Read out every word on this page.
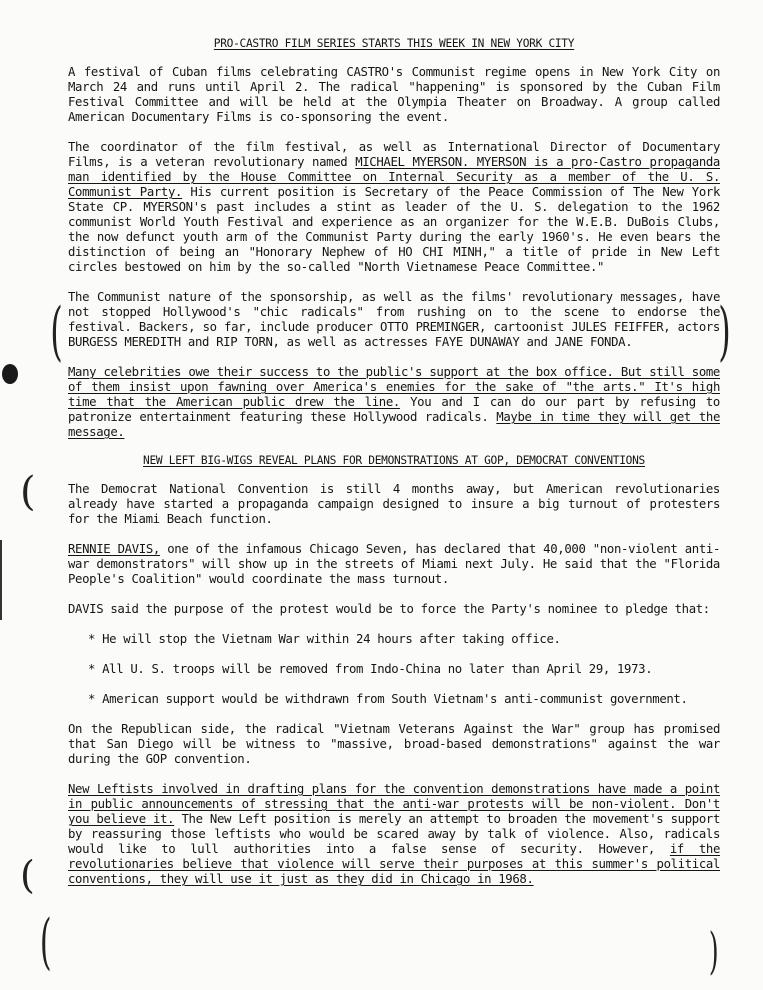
(	)
(
(
(	)
PRO-CASTRO FILM SERIES STARTS THIS WEEK IN NEW YORK CITY

A festival of Cuban films celebrating CASTRO's Communist regime opens in New York City on March 24 and runs until April 2. The radical "happening" is sponsored by the Cuban Film Festival Committee and will be held at the Olympia Theater on Broadway. A group called American Documentary Films is co-sponsoring the event.

The coordinator of the film festival, as well as International Director of Documentary Films, is a veteran revolutionary named MICHAEL MYERSON. MYERSON is a pro-Castro propaganda man identified by the House Committee on Internal Security as a member of the U. S. Communist Party. His current position is Secretary of the Peace Commission of The New York State CP. MYERSON's past includes a stint as leader of the U. S. delegation to the 1962 communist World Youth Festival and experience as an organizer for the W.E.B. DuBois Clubs, the now defunct youth arm of the Communist Party during the early 1960's. He even bears the distinction of being an "Honorary Nephew of HO CHI MINH," a title of pride in New Left circles bestowed on him by the so-called "North Vietnamese Peace Committee."

The Communist nature of the sponsorship, as well as the films' revolutionary messages, have not stopped Hollywood's "chic radicals" from rushing on to the scene to endorse the festival. Backers, so far, include producer OTTO PREMINGER, cartoonist JULES FEIFFER, actors BURGESS MEREDITH and RIP TORN, as well as actresses FAYE DUNAWAY and JANE FONDA.

Many celebrities owe their success to the public's support at the box office. But still some of them insist upon fawning over America's enemies for the sake of "the arts." It's high time that the American public drew the line. You and I can do our part by refusing to patronize entertainment featuring these Hollywood radicals. Maybe in time they will get the message.

NEW LEFT BIG-WIGS REVEAL PLANS FOR DEMONSTRATIONS AT GOP, DEMOCRAT CONVENTIONS

The Democrat National Convention is still 4 months away, but American revolutionaries already have started a propaganda campaign designed to insure a big turnout of protesters for the Miami Beach function.

RENNIE DAVIS, one of the infamous Chicago Seven, has declared that 40,000 "non-violent anti-war demonstrators" will show up in the streets of Miami next July. He said that the "Florida People's Coalition" would coordinate the mass turnout.

DAVIS said the purpose of the protest would be to force the Party's nominee to pledge that:

* He will stop the Vietnam War within 24 hours after taking office.
* All U. S. troops will be removed from Indo-China no later than April 29, 1973.
* American support would be withdrawn from South Vietnam's anti-communist government.

On the Republican side, the radical "Vietnam Veterans Against the War" group has promised that San Diego will be witness to "massive, broad-based demonstrations" against the war during the GOP convention.

New Leftists involved in drafting plans for the convention demonstrations have made a point in public announcements of stressing that the anti-war protests will be non-violent. Don't you believe it. The New Left position is merely an attempt to broaden the movement's support by reassuring those leftists who would be scared away by talk of violence. Also, radicals would like to lull authorities into a false sense of security. However, if the revolutionaries believe that violence will serve their purposes at this summer's political conventions, they will use it just as they did in Chicago in 1968.
